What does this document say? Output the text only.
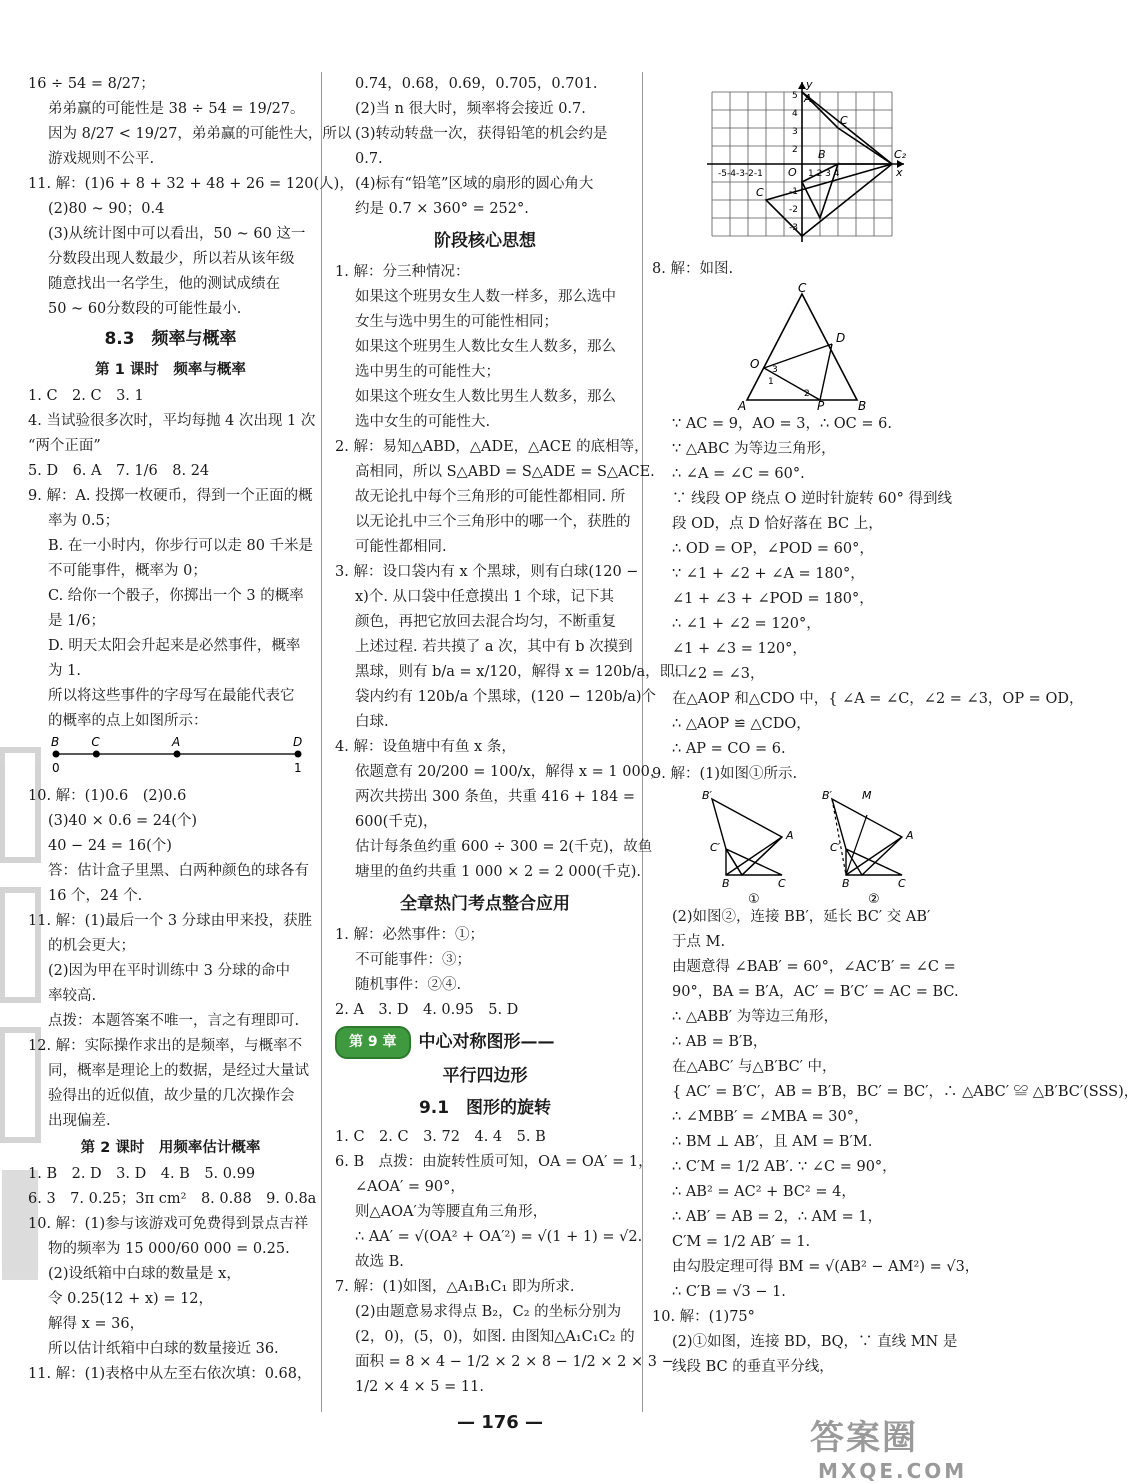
16 ÷ 54 = 8/27；
弟弟赢的可能性是 38 ÷ 54 = 19/27。
因为 8/27 < 19/27，弟弟赢的可能性大，所以
游戏规则不公平.
11. 解：(1)6 + 8 + 32 + 48 + 26 = 120(人)，
(2)80 ~ 90；0.4
(3)从统计图中可以看出，50 ~ 60 这一
分数段出现人数最少，所以若从该年级
随意找出一名学生，他的测试成绩在
50 ~ 60分数段的可能性最小.
8.3　频率与概率
第 1 课时　频率与概率
1. C　2. C　3. 1
4. 当试验很多次时，平均每抛 4 次出现 1 次
“两个正面”
5. D　6. A　7. 1/6　8. 24
9. 解：A. 投掷一枚硬币，得到一个正面的概
率为 0.5；
B. 在一小时内，你步行可以走 80 千米是
不可能事件，概率为 0；
C. 给你一个骰子，你掷出一个 3 的概率
是 1/6；
D. 明天太阳会升起来是必然事件，概率
为 1.
所以将这些事件的字母写在最能代表它
的概率的点上如图所示：
B	C	A	D
0	1
10. 解：(1)0.6　(2)0.6
(3)40 × 0.6 = 24(个)
40 − 24 = 16(个)
答：估计盒子里黑、白两种颜色的球各有
16 个，24 个.
11. 解：(1)最后一个 3 分球由甲来投，获胜
的机会更大；
(2)因为甲在平时训练中 3 分球的命中
率较高.
点拨：本题答案不唯一，言之有理即可.
12. 解：实际操作求出的是频率，与概率不
同，概率是理论上的数据，是经过大量试
验得出的近似值，故少量的几次操作会
出现偏差.
第 2 课时　用频率估计概率
1. B　2. D　3. D　4. B　5. 0.99
6. 3　7. 0.25；3π cm²　8. 0.88　9. 0.8a
10. 解：(1)参与该游戏可免费得到景点吉祥
物的频率为 15 000/60 000 = 0.25.
(2)设纸箱中白球的数量是 x，
令 0.25(12 + x) = 12，
解得 x = 36，
所以估计纸箱中白球的数量接近 36.
11. 解：(1)表格中从左至右依次填：0.68，
0.74，0.68，0.69，0.705，0.701.
(2)当 n 很大时，频率将会接近 0.7.
(3)转动转盘一次，获得铅笔的机会约是
0.7.
(4)标有“铅笔”区域的扇形的圆心角大
约是 0.7 × 360° = 252°.
阶段核心思想
1. 解：分三种情况：
如果这个班男女生人数一样多，那么选中
女生与选中男生的可能性相同；
如果这个班男生人数比女生人数多，那么
选中男生的可能性大；
如果这个班女生人数比男生人数多，那么
选中女生的可能性大.
2. 解：易知△ABD，△ADE，△ACE 的底相等，
高相同，所以 S△ABD = S△ADE = S△ACE.
故无论扎中每个三角形的可能性都相同. 所
以无论扎中三个三角形中的哪一个，获胜的
可能性都相同.
3. 解：设口袋内有 x 个黑球，则有白球(120 −
x)个. 从口袋中任意摸出 1 个球，记下其
颜色，再把它放回去混合均匀，不断重复
上述过程. 若共摸了 a 次，其中有 b 次摸到
黑球，则有 b/a = x/120，解得 x = 120b/a，即口
袋内约有 120b/a 个黑球，(120 − 120b/a)个
白球.
4. 解：设鱼塘中有鱼 x 条，
依题意有 20/200 = 100/x，解得 x = 1 000，
两次共捞出 300 条鱼，共重 416 + 184 =
600(千克)，
估计每条鱼约重 600 ÷ 300 = 2(千克)，故鱼
塘里的鱼约共重 1 000 × 2 = 2 000(千克).
全章热门考点整合应用
1. 解：必然事件：①；
不可能事件：③；
随机事件：②④.
2. A　3. D　4. 0.95　5. D
第 9 章	中心对称图形——
平行四边形
9.1　图形的旋转
1. C　2. C　3. 72　4. 4　5. B
6. B　点拨：由旋转性质可知，OA = OA′ = 1，
∠AOA′ = 90°，
则△AOA′为等腰直角三角形，
∴ AA′ = √(OA² + OA′²) = √(1 + 1) = √2.
故选 B.
7. 解：(1)如图，△A₁B₁C₁ 即为所求.
(2)由题意易求得点 B₂，C₂ 的坐标分别为
(2，0)，(5，0)，如图. 由图知△A₁C₁C₂ 的
面积 = 8 × 4 − 1/2 × 2 × 8 − 1/2 × 2 × 3 −
1/2 × 4 × 5 = 11.
y
x
A
C
B	C₂
C
O
-5-4-3-2-1	1 2 3 4
5
4
3
2
-1
-2
-3
8. 解：如图.
C
D
O
A	P	B
3
1
2
∵ AC = 9，AO = 3，∴ OC = 6.
∵ △ABC 为等边三角形，
∴ ∠A = ∠C = 60°.
∵ 线段 OP 绕点 O 逆时针旋转 60° 得到线
段 OD，点 D 恰好落在 BC 上，
∴ OD = OP，∠POD = 60°，
∵ ∠1 + ∠2 + ∠A = 180°，
∠1 + ∠3 + ∠POD = 180°，
∴ ∠1 + ∠2 = 120°，
∠1 + ∠3 = 120°，
∴ ∠2 = ∠3，
在△AOP 和△CDO 中，{ ∠A = ∠C，∠2 = ∠3，OP = OD，
∴ △AOP ≌ △CDO，
∴ AP = CO = 6.
9. 解：(1)如图①所示.
B′
A
C′
B	C
B′	M
A
C′
B	C
①	②
(2)如图②，连接 BB′，延长 BC′ 交 AB′
于点 M.
由题意得 ∠BAB′ = 60°，∠AC′B′ = ∠C =
90°，BA = B′A，AC′ = B′C′ = AC = BC.
∴ △ABB′ 为等边三角形，
∴ AB = B′B，
在△ABC′ 与△B′BC′ 中，
{ AC′ = B′C′，AB = B′B，BC′ = BC′，∴ △ABC′ ≌ △B′BC′(SSS)，
∴ ∠MBB′ = ∠MBA = 30°，
∴ BM ⊥ AB′，且 AM = B′M.
∴ C′M = 1/2 AB′. ∵ ∠C = 90°，
∴ AB² = AC² + BC² = 4，
∴ AB′ = AB = 2，∴ AM = 1，
C′M = 1/2 AB′ = 1.
由勾股定理可得 BM = √(AB² − AM²) = √3，
∴ C′B = √3 − 1.
10. 解：(1)75°
(2)①如图，连接 BD，BQ，∵ 直线 MN 是
线段 BC 的垂直平分线，
— 176 —	答案圈
MXQE.COM
